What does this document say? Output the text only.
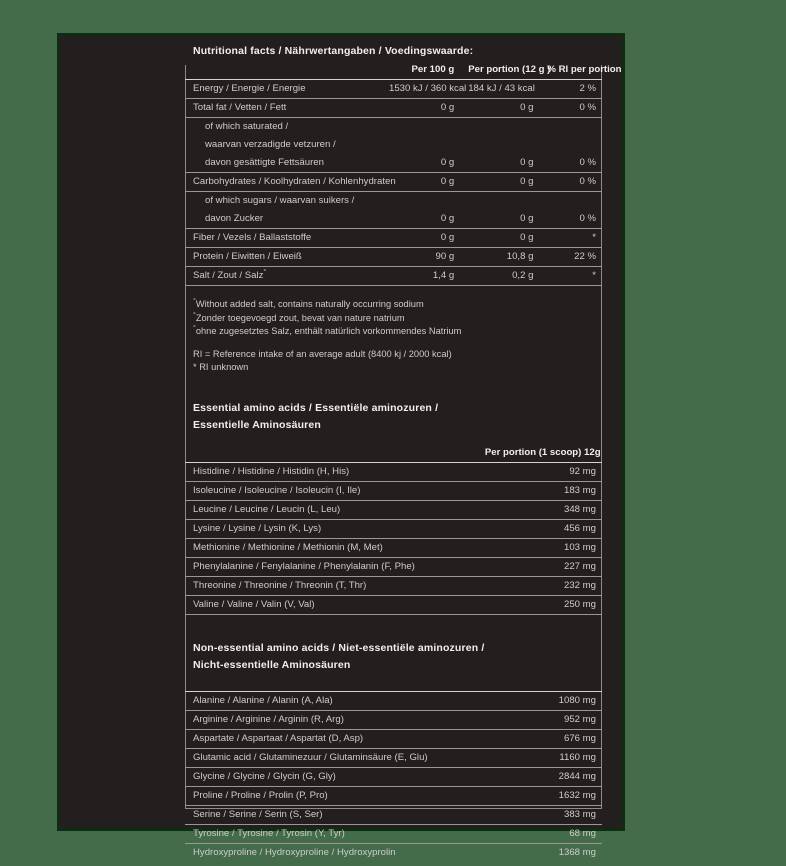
Nutritional facts / Nährwertangaben / Voedingswaarde:
	Per 100 g	Per portion (12 g )	% RI per portion
Energy / Energie / Energie	1530 kJ / 360 kcal	184 kJ / 43 kcal	2 %
Total fat / Vetten / Fett	0 g	0 g	0 %
of which saturated /			
waarvan verzadigde vetzuren /			
davon gesättigte Fettsäuren	0 g	0 g	0 %
Carbohydrates / Koolhydraten / Kohlenhydraten	0 g	0 g	0 %
of which sugars / waarvan suikers /			
davon Zucker	0 g	0 g	0 %
Fiber / Vezels / Ballaststoffe	0 g	0 g	*
Protein / Eiwitten / Eiweiß	90 g	10,8 g	22 %
Salt / Zout / Salz°	1,4 g	0,2 g	*
°Without added salt, contains naturally occurring sodium
°Zonder toegevoegd zout, bevat van nature natrium
°ohne zugesetztes Salz, enthält natürlich vorkommendes Natrium
RI = Reference intake of an average adult (8400 kj / 2000 kcal)
* RI unknown
Essential amino acids / Essentiële aminozuren /
Essentielle Aminosäuren
	Per portion (1 scoop) 12g
Histidine / Histidine / Histidin (H, His)	92 mg
Isoleucine / Isoleucine / Isoleucin (I, Ile)	183 mg
Leucine / Leucine / Leucin (L, Leu)	348 mg
Lysine / Lysine / Lysin (K, Lys)	456 mg
Methionine / Methionine / Methionin (M, Met)	103 mg
Phenylalanine / Fenylalanine / Phenylalanin (F, Phe)	227 mg
Threonine / Threonine / Threonin (T, Thr)	232 mg
Valine / Valine / Valin (V, Val)	250 mg
Non-essential amino acids / Niet-essentiële aminozuren /
Nicht-essentielle Aminosäuren
Alanine / Alanine / Alanin (A, Ala)	1080 mg
Arginine / Arginine / Arginin (R, Arg)	952 mg
Aspartate / Aspartaat / Aspartat (D, Asp)	676 mg
Glutamic acid / Glutaminezuur / Glutaminsäure (E, Glu)	1160 mg
Glycine / Glycine / Glycin (G, Gly)	2844 mg
Proline / Proline / Prolin (P, Pro)	1632 mg
Serine / Serine / Serin (S, Ser)	383 mg
Tyrosine / Tyrosine / Tyrosin (Y, Tyr)	68 mg
Hydroxyproline / Hydroxyproline / Hydroxyprolin	1368 mg
